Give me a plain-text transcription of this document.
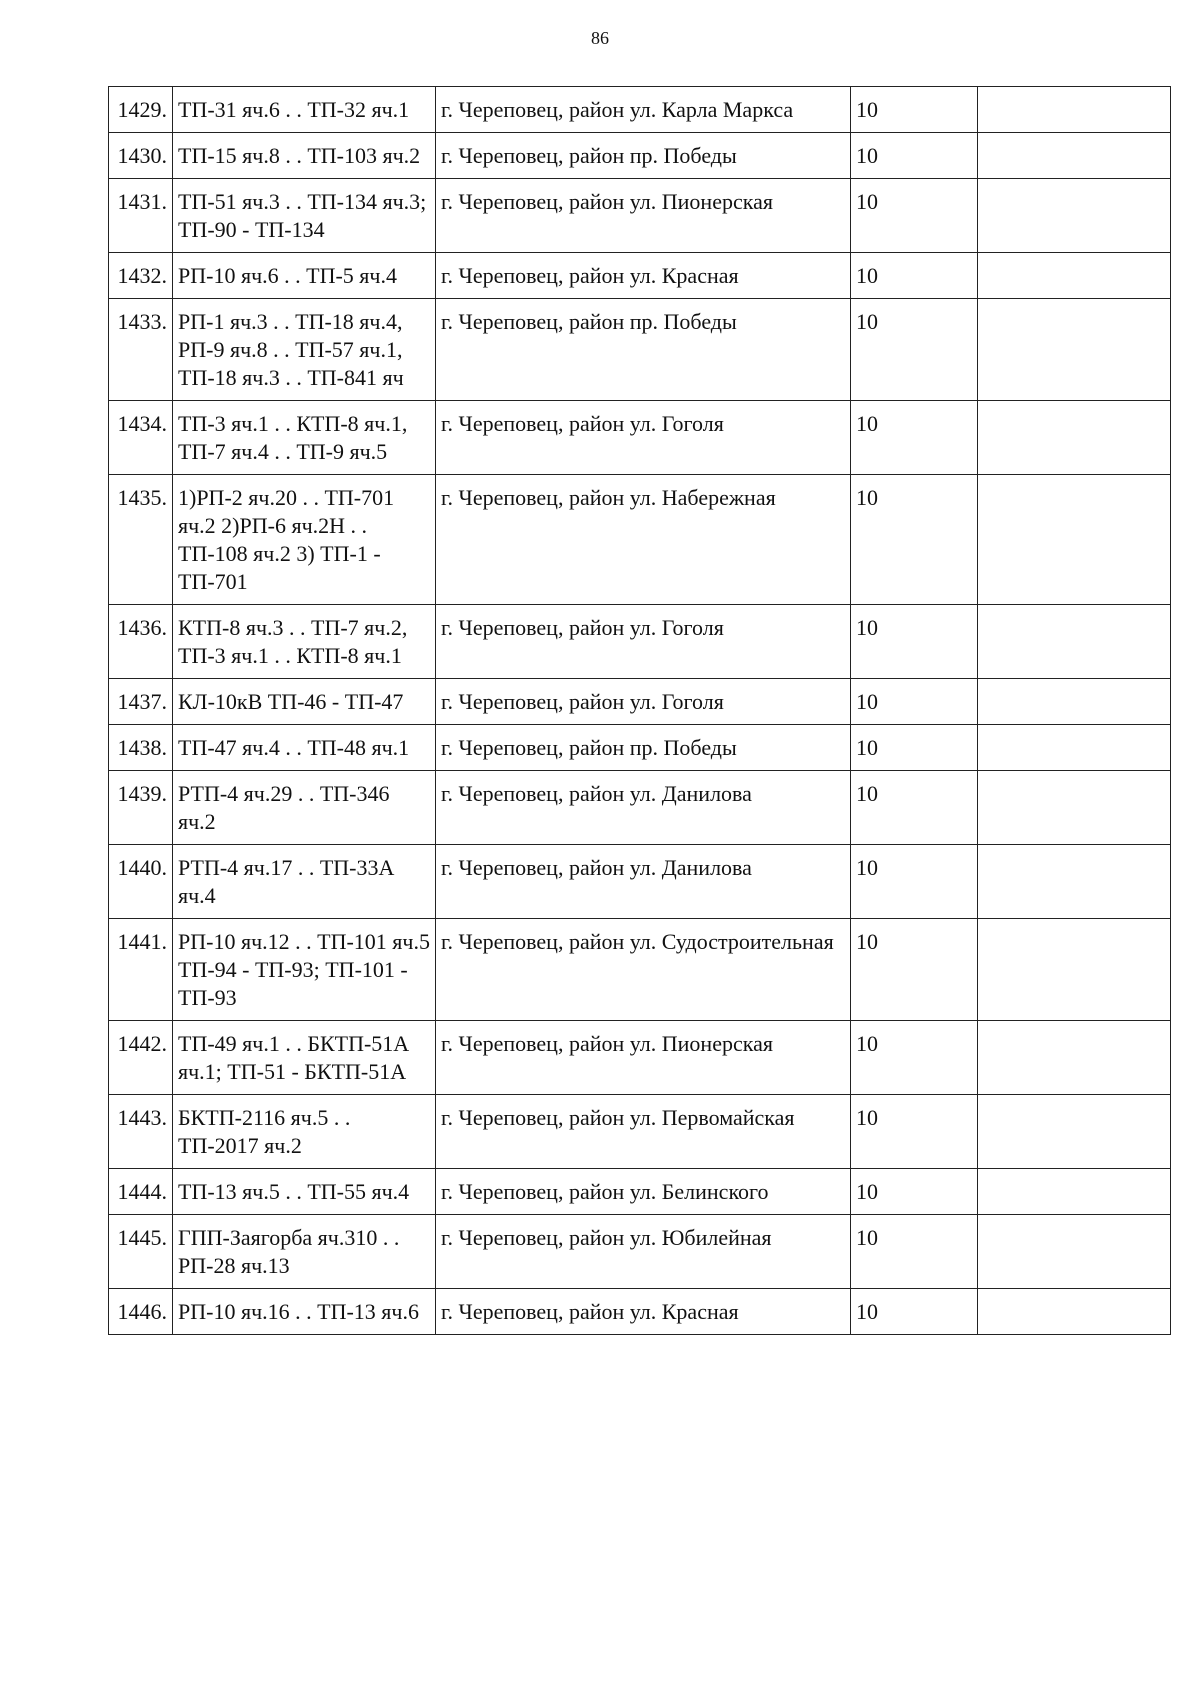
86
1429.	ТП-31 яч.6 . . ТП-32 яч.1	г. Череповец, район ул. Карла Маркса	10	
1430.	ТП-15 яч.8 . . ТП-103 яч.2	г. Череповец, район пр. Победы	10	
1431.	ТП-51 яч.3 . . ТП-134 яч.3; ТП-90 - ТП-134	г. Череповец, район ул. Пионерская	10	
1432.	РП-10 яч.6 . . ТП-5 яч.4	г. Череповец, район ул. Красная	10	
1433.	РП-1 яч.3 . . ТП-18 яч.4, РП-9 яч.8 . . ТП-57 яч.1, ТП-18 яч.3 . . ТП-841 яч	г. Череповец, район пр. Победы	10	
1434.	ТП-3 яч.1 . . КТП-8 яч.1, ТП-7 яч.4 . . ТП-9 яч.5	г. Череповец, район ул. Гоголя	10	
1435.	1)РП-2 яч.20 . . ТП-701 яч.2 2)РП-6 яч.2Н . . ТП-108 яч.2 3) ТП-1 - ТП-701	г. Череповец, район ул. Набережная	10	
1436.	КТП-8 яч.3 . . ТП-7 яч.2, ТП-3 яч.1 . . КТП-8 яч.1	г. Череповец, район ул. Гоголя	10	
1437.	КЛ-10кВ ТП-46 - ТП-47	г. Череповец, район ул. Гоголя	10	
1438.	ТП-47 яч.4 . . ТП-48 яч.1	г. Череповец, район пр. Победы	10	
1439.	РТП-4 яч.29 . . ТП-346 яч.2	г. Череповец, район ул. Данилова	10	
1440.	РТП-4 яч.17 . . ТП-33А яч.4	г. Череповец, район ул. Данилова	10	
1441.	РП-10 яч.12 . . ТП-101 яч.5 ТП-94 - ТП-93; ТП-101 - ТП-93	г. Череповец, район ул. Судостроительная	10	
1442.	ТП-49 яч.1 . . БКТП-51А яч.1; ТП-51 - БКТП-51А	г. Череповец, район ул. Пионерская	10	
1443.	БКТП-2116 яч.5 . . ТП-2017 яч.2	г. Череповец, район ул. Первомайская	10	
1444.	ТП-13 яч.5 . . ТП-55 яч.4	г. Череповец, район ул. Белинского	10	
1445.	ГПП-Заягорба яч.310 . . РП-28 яч.13	г. Череповец, район ул. Юбилейная	10	
1446.	РП-10 яч.16 . . ТП-13 яч.6	г. Череповец, район ул. Красная	10	
